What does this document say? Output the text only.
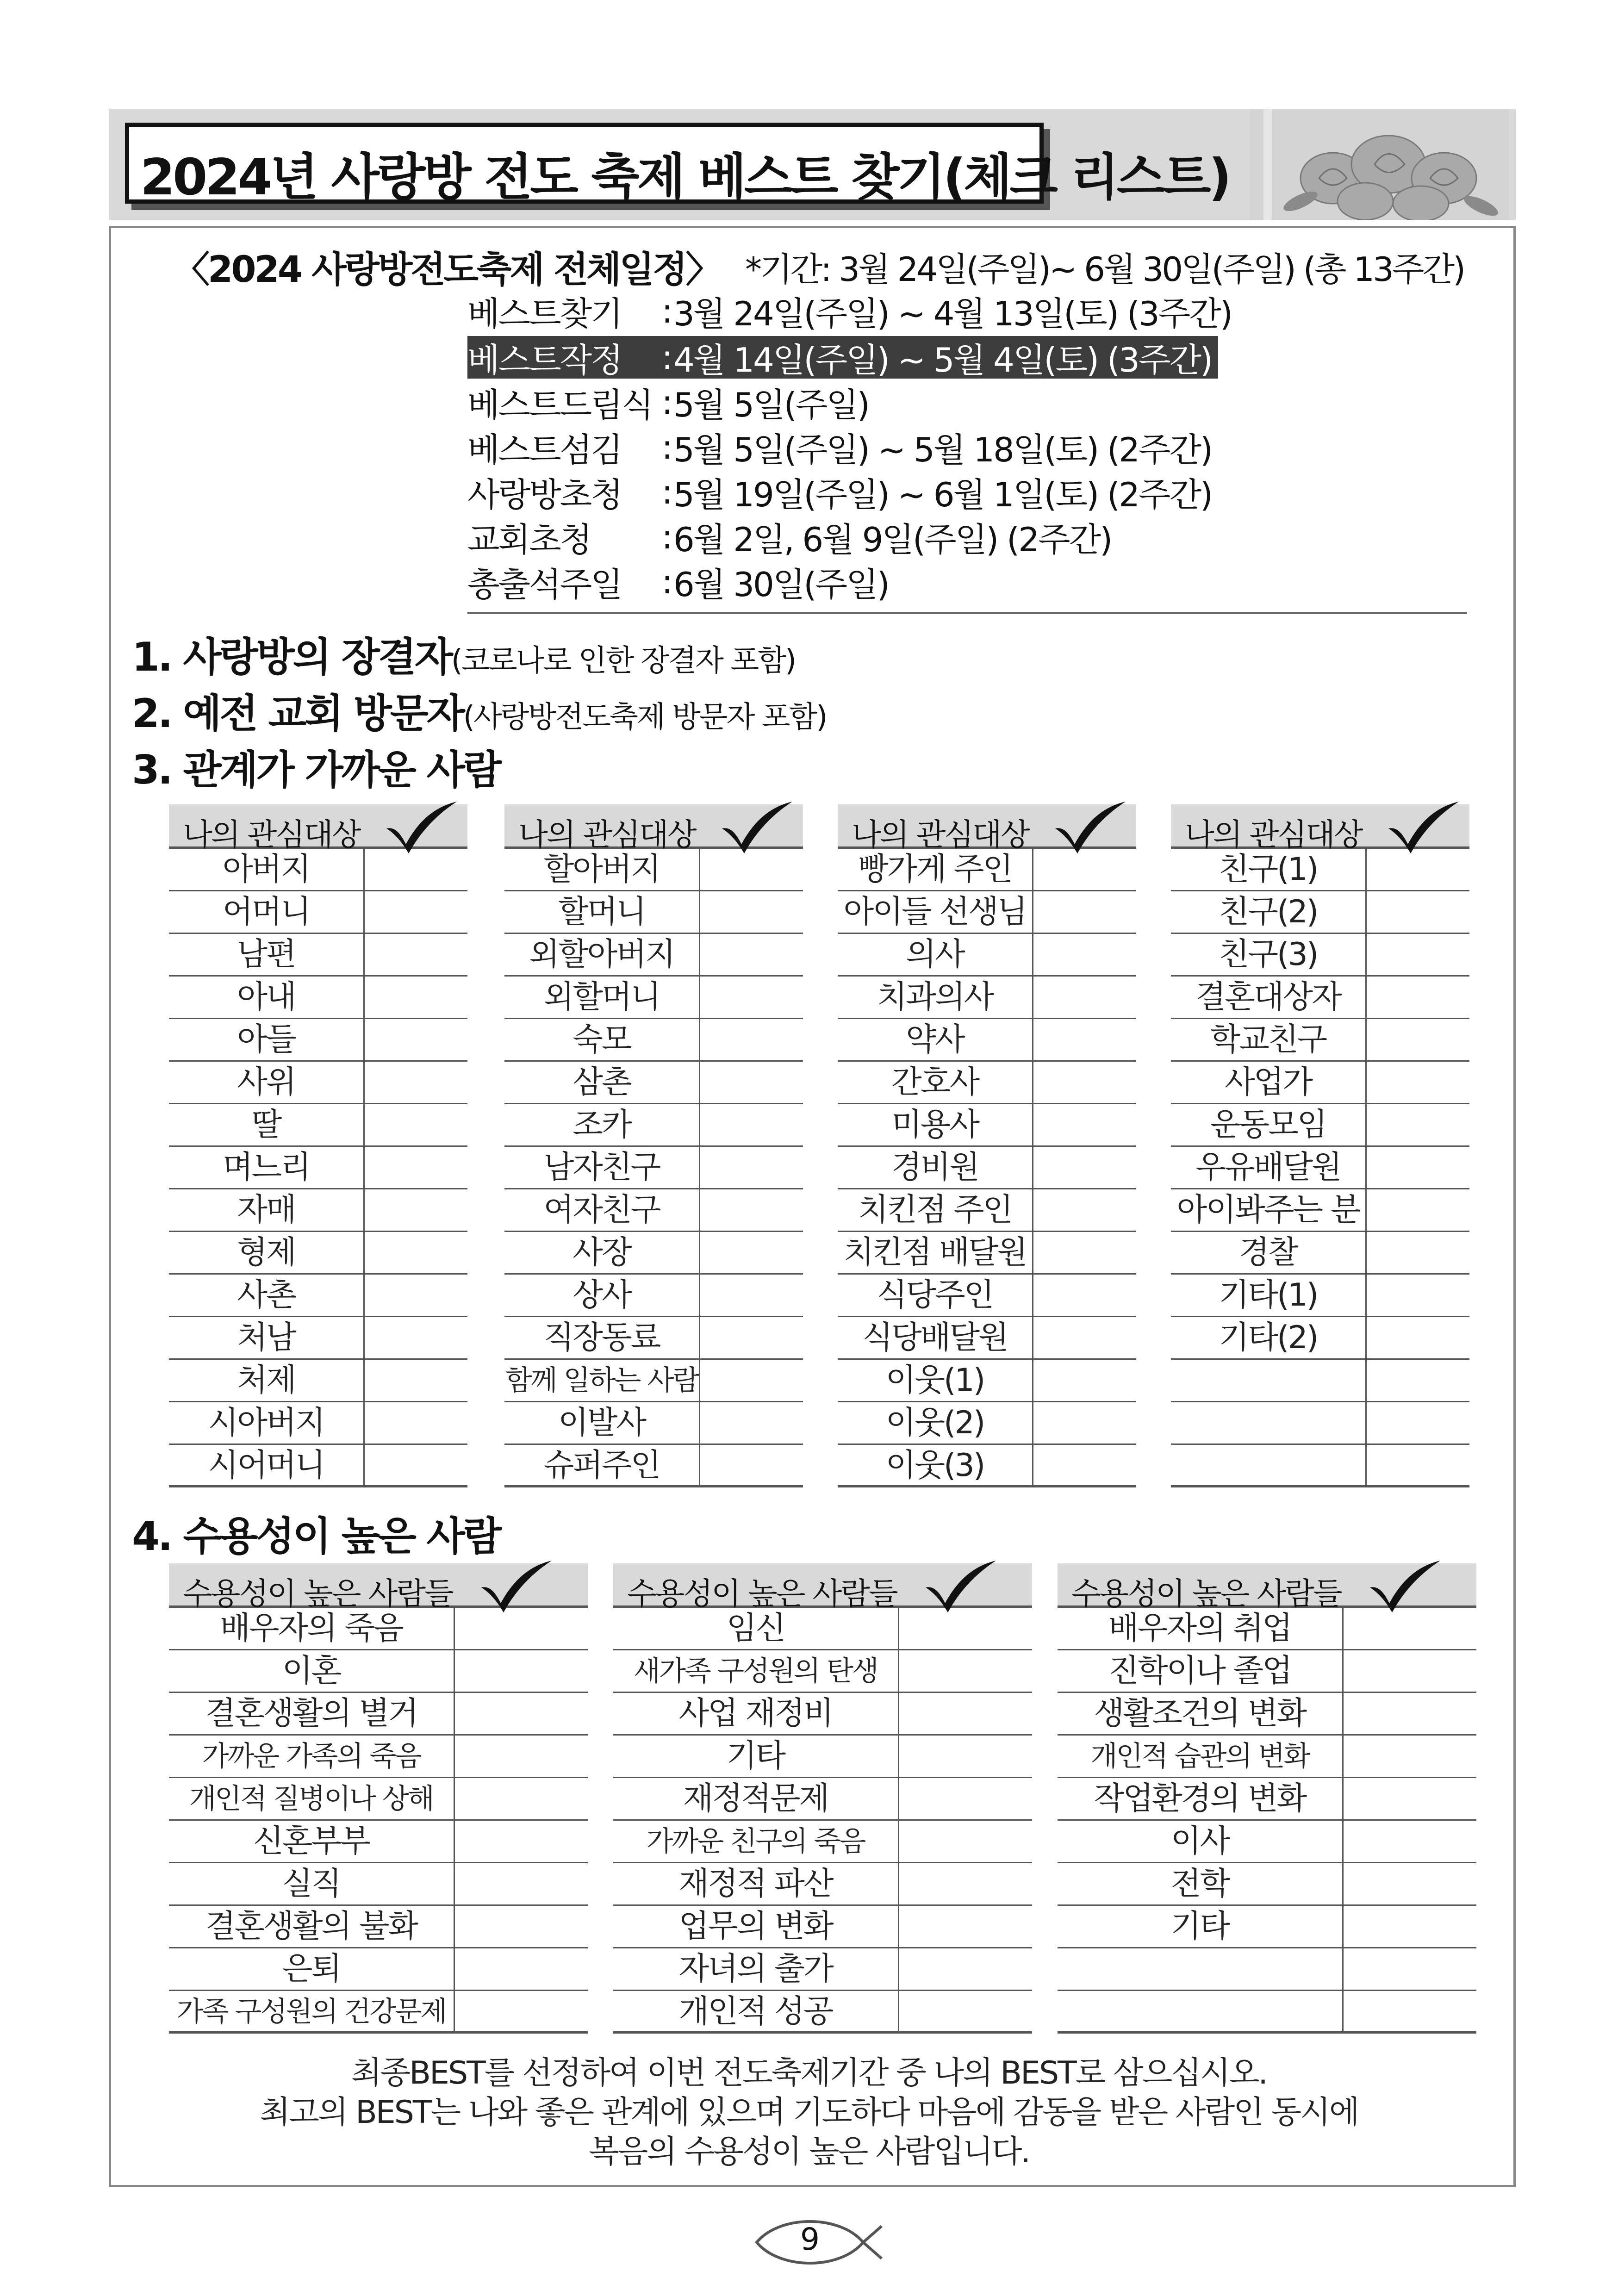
2024년 사랑방 전도 축제 베스트 찾기(체크 리스트)
〈2024 사랑방전도축제 전체일정〉 *기간: 3월 24일(주일)~ 6월 30일(주일) (총 13주간)
베스트찾기	: 3월 24일(주일) ~ 4월 13일(토) (3주간)
베스트작정	: 4월 14일(주일) ~ 5월 4일(토) (3주간)
베스트드림식 : 5월 5일(주일)
베스트섬김	: 5월 5일(주일) ~ 5월 18일(토) (2주간)
사랑방초청	: 5월 19일(주일) ~ 6월 1일(토) (2주간)
교회초청	: 6월 2일, 6월 9일(주일) (2주간)
총출석주일	: 6월 30일(주일)
1. 사랑방의 장결자(코로나로 인한 장결자 포함)
2. 예전 교회 방문자(사랑방전도축제 방문자 포함)
3. 관계가 가까운 사람
나의 관심대상
아버지
어머니
남편
아내
아들
사위
딸
며느리
자매
형제
사촌
처남
처제
시아버지
시어머니
나의 관심대상
할아버지
할머니
외할아버지
외할머니
숙모
삼촌
조카
남자친구
여자친구
사장
상사
직장동료
함께 일하는 사람
이발사
슈퍼주인
나의 관심대상
빵가게 주인
아이들 선생님
의사
치과의사
약사
간호사
미용사
경비원
치킨점 주인
치킨점 배달원
식당주인
식당배달원
이웃(1)
이웃(2)
이웃(3)
나의 관심대상
친구(1)
친구(2)
친구(3)
결혼대상자
학교친구
사업가
운동모임
우유배달원
아이봐주는 분
경찰
기타(1)
기타(2)
4. 수용성이 높은 사람
수용성이 높은 사람들
배우자의 죽음
이혼
결혼생활의 별거
가까운 가족의 죽음
개인적 질병이나 상해
신혼부부
실직
결혼생활의 불화
은퇴
가족 구성원의 건강문제
수용성이 높은 사람들
임신
새가족 구성원의 탄생
사업 재정비
기타
재정적문제
가까운 친구의 죽음
재정적 파산
업무의 변화
자녀의 출가
개인적 성공
수용성이 높은 사람들
배우자의 취업
진학이나 졸업
생활조건의 변화
개인적 습관의 변화
작업환경의 변화
이사
전학
기타
최종BEST를 선정하여 이번 전도축제기간 중 나의 BEST로 삼으십시오.
최고의 BEST는 나와 좋은 관계에 있으며 기도하다 마음에 감동을 받은 사람인 동시에
복음의 수용성이 높은 사람입니다.
9
